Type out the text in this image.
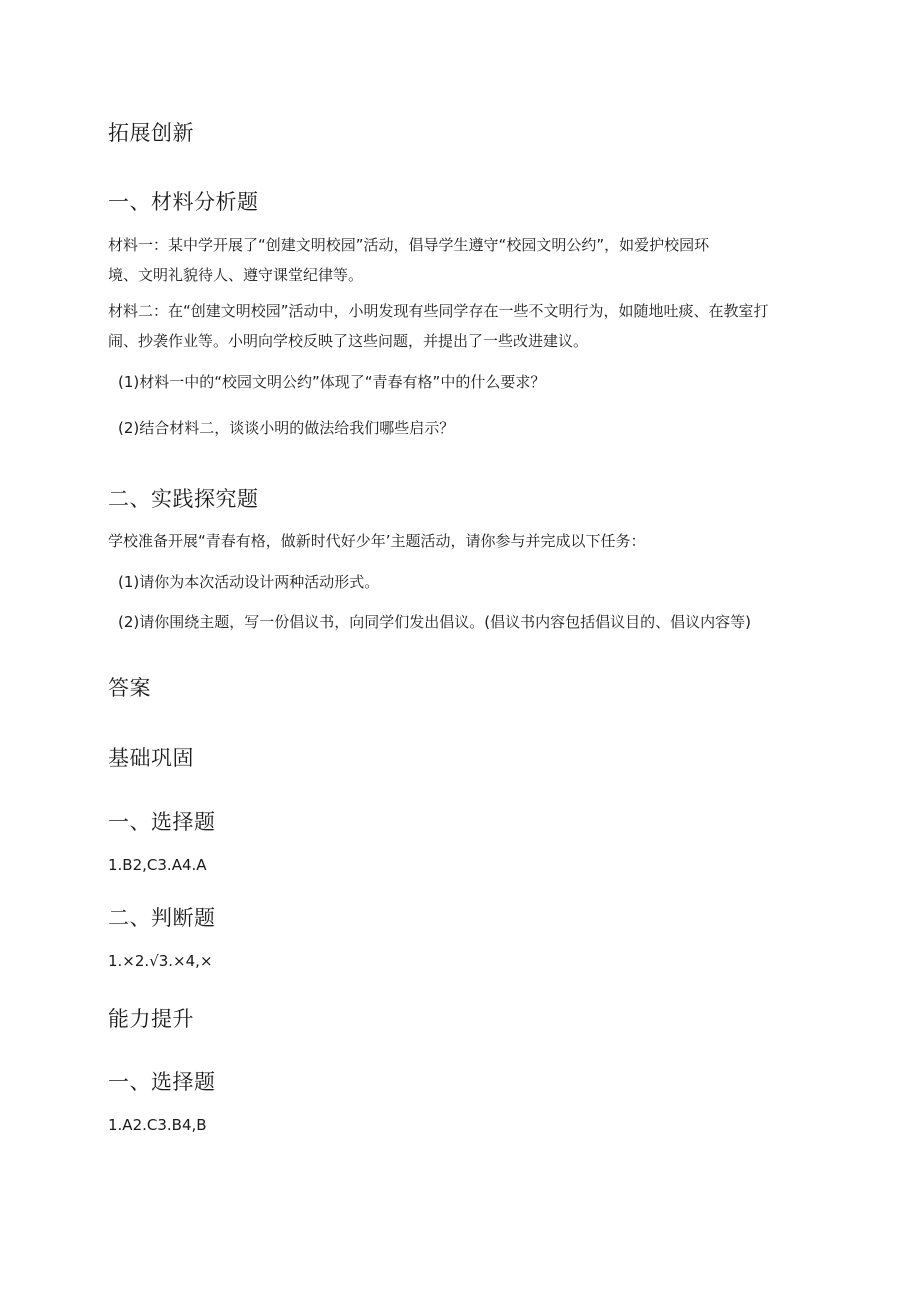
拓展创新
一、材料分析题
材料一：某中学开展了“创建文明校园”活动，倡导学生遵守“校园文明公约”，如爱护校园环
境、文明礼貌待人、遵守课堂纪律等。
材料二：在“创建文明校园”活动中，小明发现有些同学存在一些不文明行为，如随地吐痰、在教室打
闹、抄袭作业等。小明向学校反映了这些问题，并提出了一些改进建议。
(1)材料一中的“校园文明公约”体现了“青春有格”中的什么要求？
(2)结合材料二，谈谈小明的做法给我们哪些启示？
二、实践探究题
学校准备开展“青春有格，做新时代好少年’主题活动，请你参与并完成以下任务：
(1)请你为本次活动设计两种活动形式。
(2)请你围绕主题，写一份倡议书，向同学们发出倡议。(倡议书内容包括倡议目的、倡议内容等)
答案
基础巩固
一、选择题
1.B2,C3.A4.A
二、判断题
1.×2.√3.×4,×
能力提升
一、选择题
1.A2.C3.B4,B
